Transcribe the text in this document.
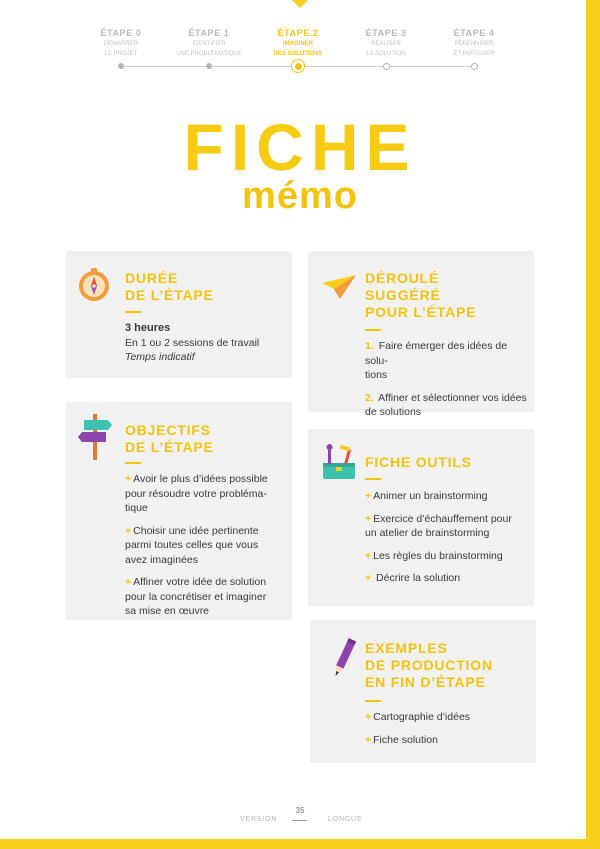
ÉTAPE 0
DÉMARRER
LE PROJET
ÉTAPE 1
IDENTIFIER
UNE PROBLÉMATIQUE
ÉTAPE 2
IMAGINER
DES SOLUTIONS
ÉTAPE 3
RÉALISER
LA SOLUTION
ÉTAPE 4
PÉRENNISER
ET PARTAGER
FICHE
mémo
DURÉE
DE L’ÉTAPE
3 heures
En 1 ou 2 sessions de travail
Temps indicatif
DÉROULÉ
SUGGÉRÉ
POUR L’ÉTAPE

1. Faire émerger des idées de solu-
tions

2. Affiner et sélectionner vos idées
de solutions

OBJECTIFS
DE L’ÉTAPE

+ Avoir le plus d’idées possible
pour résoudre votre probléma-
tique

+ Choisir une idée pertinente
parmi toutes celles que vous
avez imaginées

+ Affiner votre idée de solution
pour la concrétiser et imaginer
sa mise en œuvre

FICHE OUTILS

+ Animer un brainstorming

+ Exercice d’échauffement pour
un atelier de brainstorming

+ Les règles du brainstorming

+ Décrire la solution

EXEMPLES
DE PRODUCTION
EN FIN D’ÉTAPE

+ Cartographie d’idées

+ Fiche solution

35
VERSION	LONGUE
